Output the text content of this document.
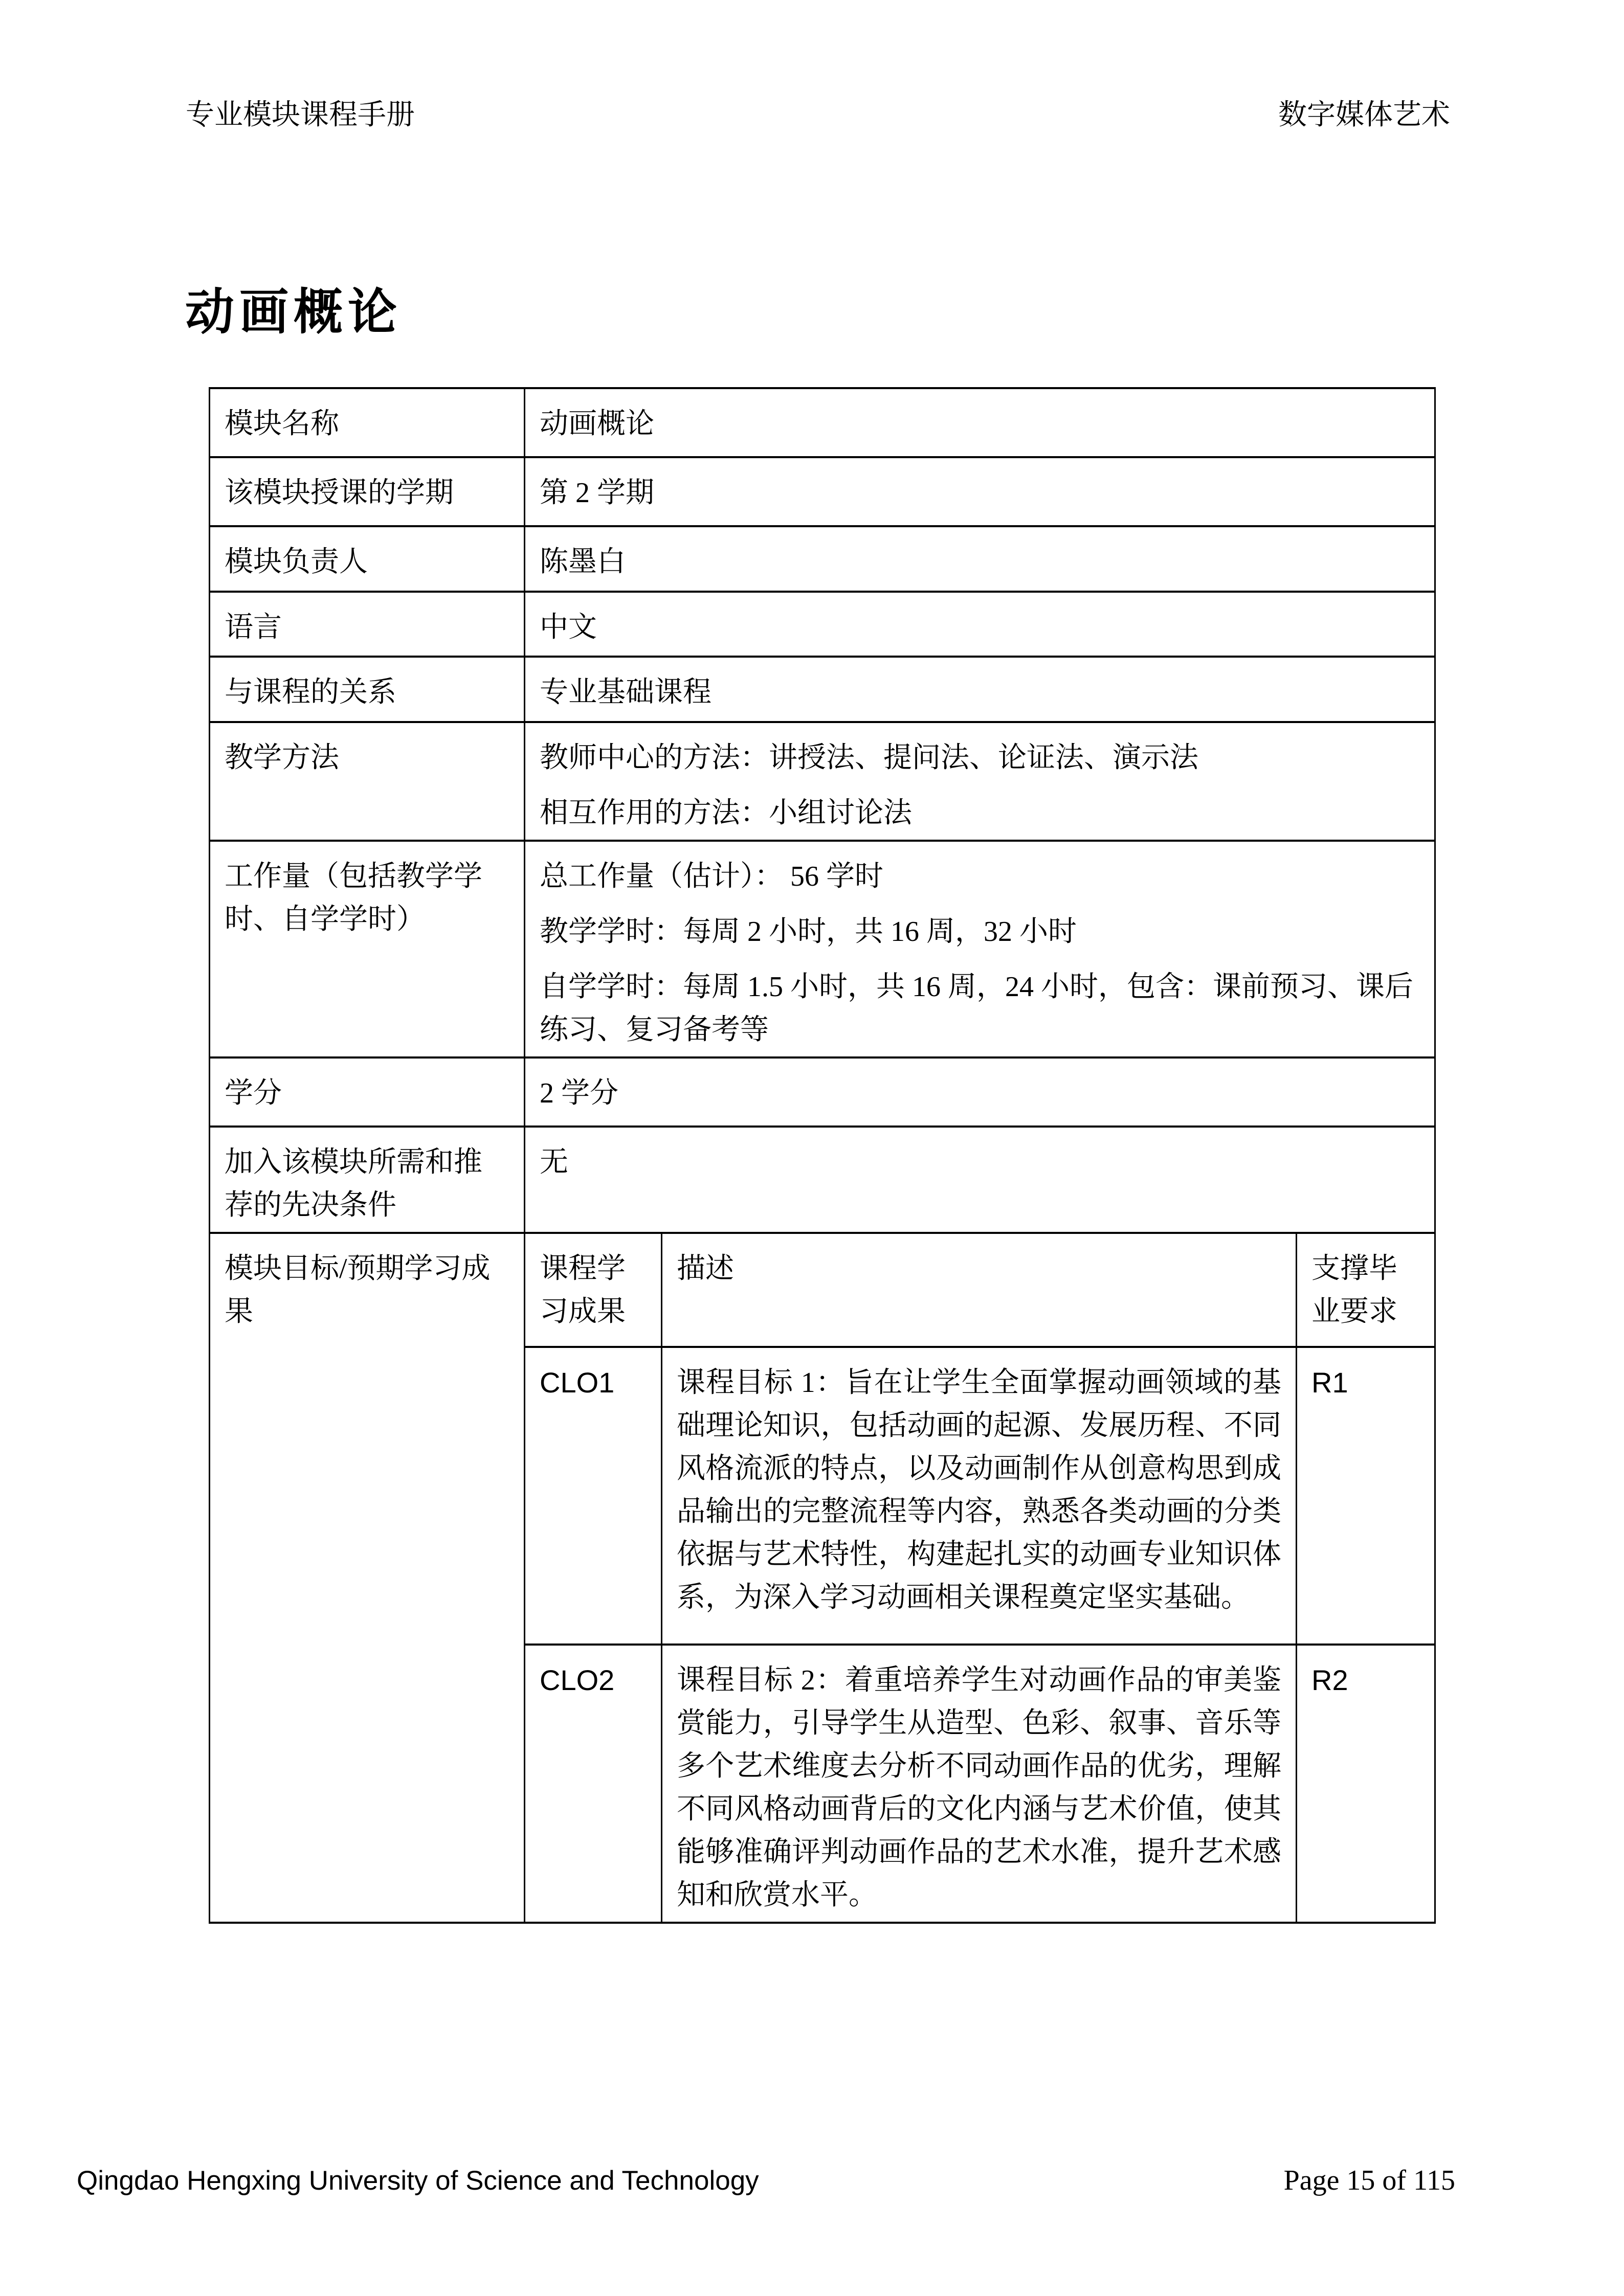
专业模块课程手册	数字媒体艺术
动画概论
模块名称	动画概论		
该模块授课的学期	第 2 学期		
模块负责人	陈墨白		
语言	中文		
与课程的关系	专业基础课程		
教学方法	教师中心的方法：讲授法、提问法、论证法、演示法

相互作用的方法：小组讨论法		

工作量（包括教学学时、自学学时）	总工作量（估计）： 56 学时

教学学时：每周 2 小时，共 16 周，32 小时

自学学时：每周 1.5 小时，共 16 周，24 小时，包含：课前预习、课后练习、复习备考等		

学分	2 学分		
加入该模块所需和推荐的先决条件	无		
模块目标/预期学习成果	课程学习成果	描述	支撑毕业要求
	CLO1	课程目标 1：旨在让学生全面掌握动画领域的基础理论知识，包括动画的起源、发展历程、不同风格流派的特点，以及动画制作从创意构思到成品输出的完整流程等内容，熟悉各类动画的分类依据与艺术特性，构建起扎实的动画专业知识体系，为深入学习动画相关课程奠定坚实基础。	R1
	CLO2	课程目标 2：着重培养学生对动画作品的审美鉴赏能力，引导学生从造型、色彩、叙事、音乐等多个艺术维度去分析不同动画作品的优劣，理解不同风格动画背后的文化内涵与艺术价值，使其能够准确评判动画作品的艺术水准，提升艺术感知和欣赏水平。	R2
Qingdao Hengxing University of Science and Technology	Page 15 of 115
